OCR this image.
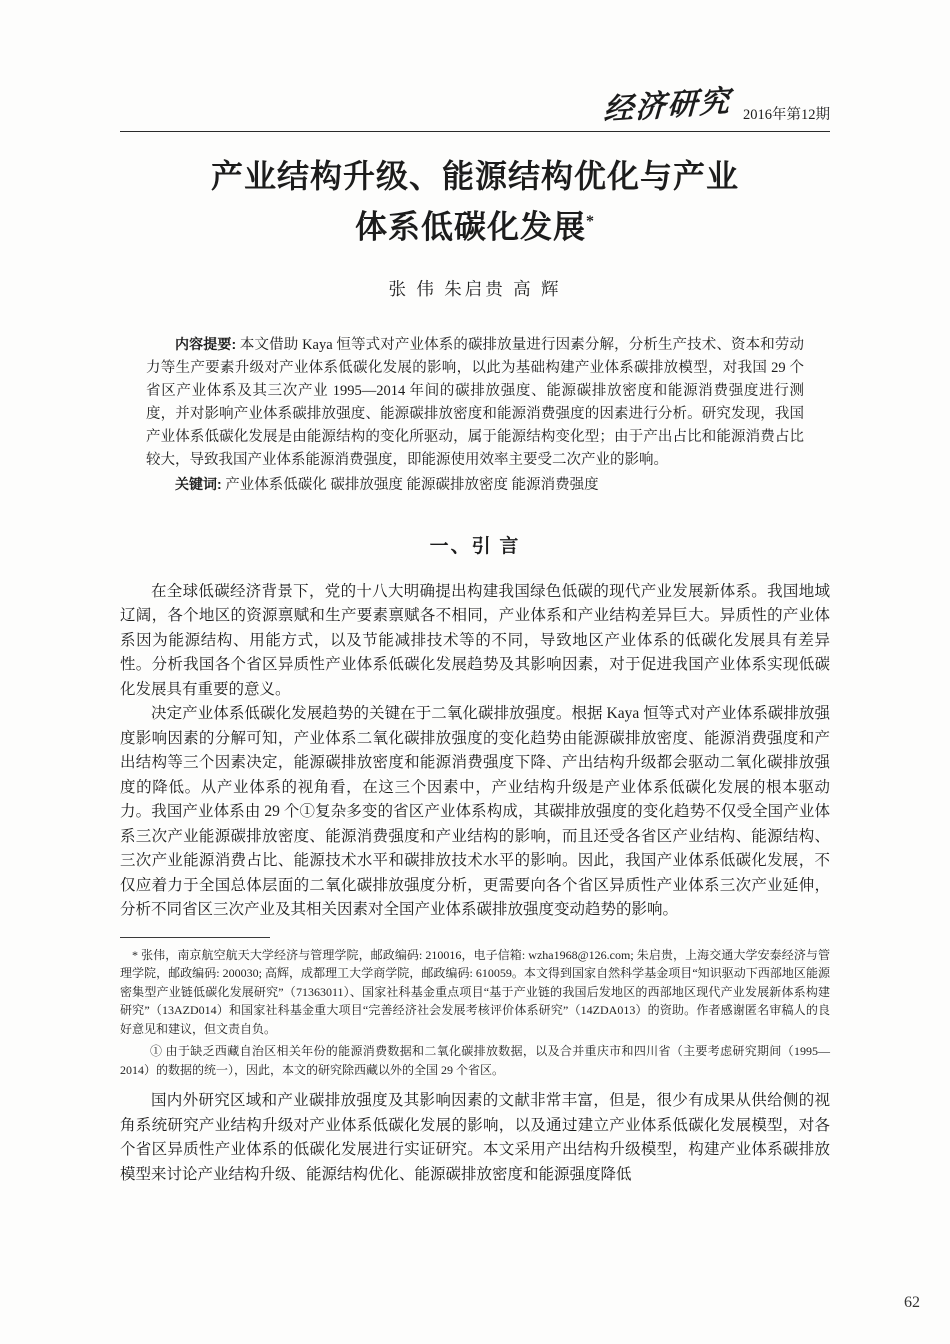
经济研究 2016年第12期
产业结构升级、能源结构优化与产业
体系低碳化发展*
张 伟 朱启贵 高 辉

内容提要: 本文借助 Kaya 恒等式对产业体系的碳排放量进行因素分解，分析生产技术、资本和劳动力等生产要素升级对产业体系低碳化发展的影响，以此为基础构建产业体系碳排放模型，对我国 29 个省区产业体系及其三次产业 1995—2014 年间的碳排放强度、能源碳排放密度和能源消费强度进行测度，并对影响产业体系碳排放强度、能源碳排放密度和能源消费强度的因素进行分析。研究发现，我国产业体系低碳化发展是由能源结构的变化所驱动，属于能源结构变化型；由于产出占比和能源消费占比较大，导致我国产业体系能源消费强度，即能源使用效率主要受二次产业的影响。

关键词: 产业体系低碳化 碳排放强度 能源碳排放密度 能源消费强度

一、引 言

在全球低碳经济背景下，党的十八大明确提出构建我国绿色低碳的现代产业发展新体系。我国地域辽阔，各个地区的资源禀赋和生产要素禀赋各不相同，产业体系和产业结构差异巨大。异质性的产业体系因为能源结构、用能方式，以及节能减排技术等的不同，导致地区产业体系的低碳化发展具有差异性。分析我国各个省区异质性产业体系低碳化发展趋势及其影响因素，对于促进我国产业体系实现低碳化发展具有重要的意义。

决定产业体系低碳化发展趋势的关键在于二氧化碳排放强度。根据 Kaya 恒等式对产业体系碳排放强度影响因素的分解可知，产业体系二氧化碳排放强度的变化趋势由能源碳排放密度、能源消费强度和产出结构等三个因素决定，能源碳排放密度和能源消费强度下降、产出结构升级都会驱动二氧化碳排放强度的降低。从产业体系的视角看，在这三个因素中，产业结构升级是产业体系低碳化发展的根本驱动力。我国产业体系由 29 个①复杂多变的省区产业体系构成，其碳排放强度的变化趋势不仅受全国产业体系三次产业能源碳排放密度、能源消费强度和产业结构的影响，而且还受各省区产业结构、能源结构、三次产业能源消费占比、能源技术水平和碳排放技术水平的影响。因此，我国产业体系低碳化发展，不仅应着力于全国总体层面的二氧化碳排放强度分析，更需要向各个省区异质性产业体系三次产业延伸，分析不同省区三次产业及其相关因素对全国产业体系碳排放强度变动趋势的影响。

* 张伟，南京航空航天大学经济与管理学院，邮政编码: 210016，电子信箱: wzha1968@126.com; 朱启贵，上海交通大学安泰经济与管理学院，邮政编码: 200030; 高辉，成都理工大学商学院，邮政编码: 610059。本文得到国家自然科学基金项目“知识驱动下西部地区能源密集型产业链低碳化发展研究”（71363011）、国家社科基金重点项目“基于产业链的我国后发地区的西部地区现代产业发展新体系构建研究”（13AZD014）和国家社科基金重大项目“完善经济社会发展考核评价体系研究”（14ZDA013）的资助。作者感谢匿名审稿人的良好意见和建议，但文责自负。

① 由于缺乏西藏自治区相关年份的能源消费数据和二氧化碳排放数据，以及合并重庆市和四川省（主要考虑研究期间（1995—2014）的数据的统一），因此，本文的研究除西藏以外的全国 29 个省区。

国内外研究区域和产业碳排放强度及其影响因素的文献非常丰富，但是，很少有成果从供给侧的视角系统研究产业结构升级对产业体系低碳化发展的影响，以及通过建立产业体系低碳化发展模型，对各个省区异质性产业体系的低碳化发展进行实证研究。本文采用产出结构升级模型，构建产业体系碳排放模型来讨论产业结构升级、能源结构优化、能源碳排放密度和能源强度降低

62
